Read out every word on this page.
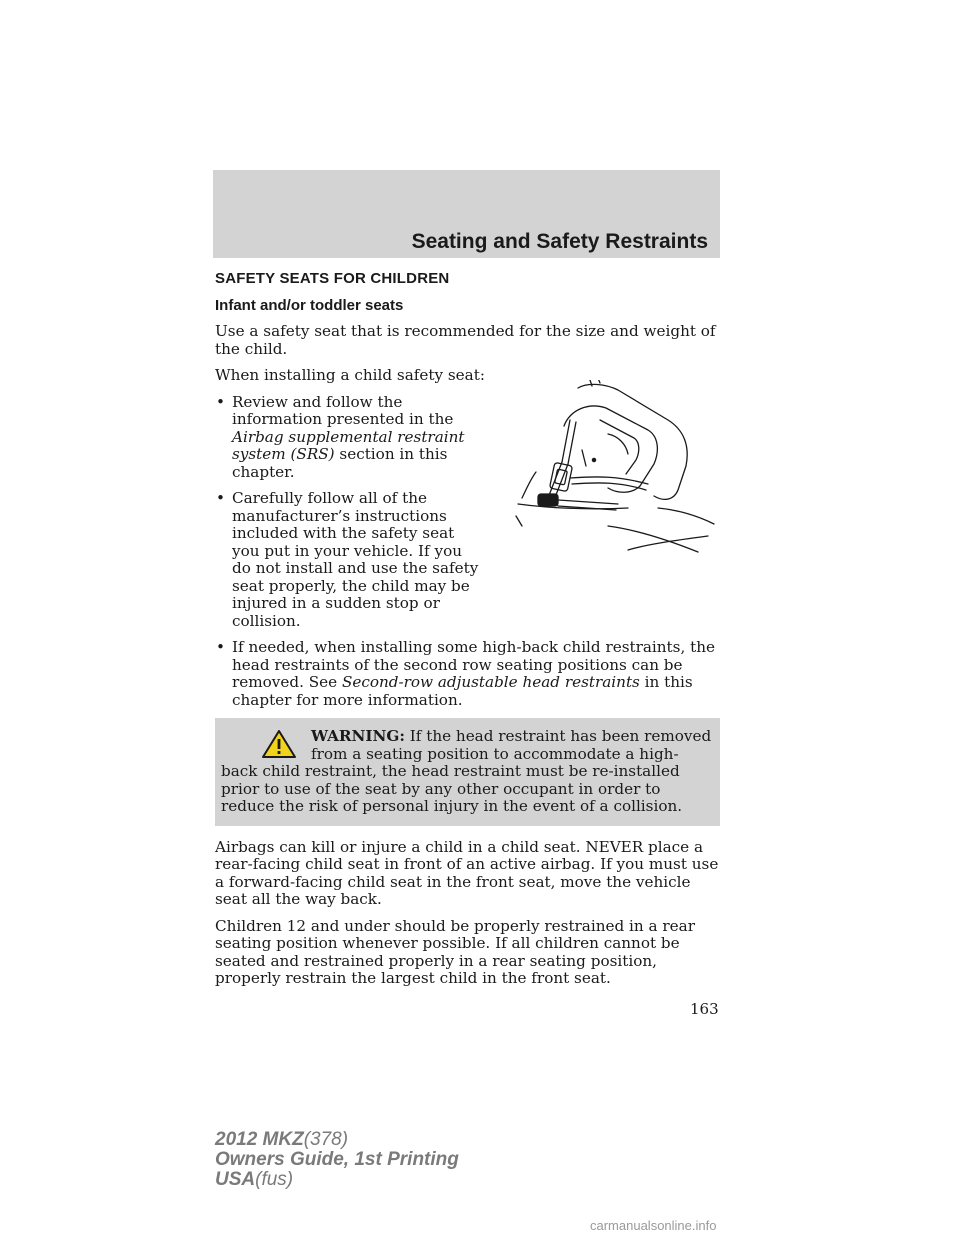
Seating and Safety Restraints
SAFETY SEATS FOR CHILDREN
Infant and/or toddler seats

Use a safety seat that is recommended for the size and weight of the child.

When installing a child safety seat:

• Review and follow the information presented in the Airbag supplemental restraint system (SRS) section in this chapter.
• Carefully follow all of the manufacturer’s instructions included with the safety seat you put in your vehicle. If you do not install and use the safety seat properly, the child may be injured in a sudden stop or collision.
• If needed, when installing some high-back child restraints, the head restraints of the second row seating positions can be removed. See Second-row adjustable head restraints in this chapter for more information.
WARNING: If the head restraint has been removed from a seating position to accommodate a high-back child restraint, the head restraint must be re-installed prior to use of the seat by any other occupant in order to reduce the risk of personal injury in the event of a collision.

Airbags can kill or injure a child in a child seat. NEVER place a rear-facing child seat in front of an active airbag. If you must use a forward-facing child seat in the front seat, move the vehicle seat all the way back.

Children 12 and under should be properly restrained in a rear seating position whenever possible. If all children cannot be seated and restrained properly in a rear seating position, properly restrain the largest child in the front seat.

163
2012 MKZ(378)
Owners Guide, 1st Printing
USA(fus)
carmanualsonline.info
